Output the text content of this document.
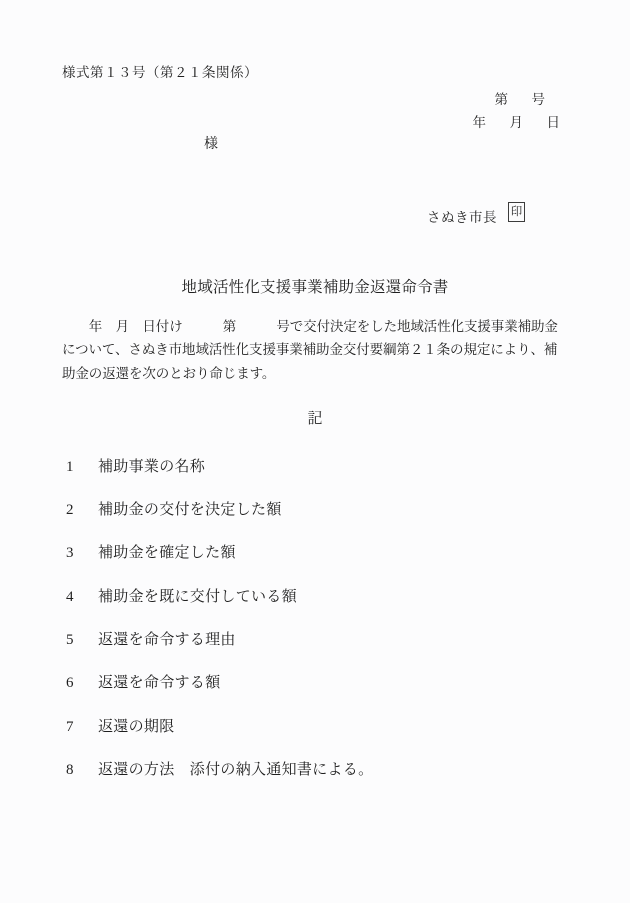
様式第１３号（第２１条関係）
第　号
年　月　日
様
さぬき市長 印
地域活性化支援事業補助金返還命令書
　　年　月　日付け　　　第　　　号で交付決定をした地域活性化支援事業補助金
について、さぬき市地域活性化支援事業補助金交付要綱第２１条の規定により、補
助金の返還を次のとおり命じます。
記
1 補助事業の名称
2 補助金の交付を決定した額
3 補助金を確定した額
4 補助金を既に交付している額
5 返還を命令する理由
6 返還を命令する額
7 返還の期限
8 返還の方法　添付の納入通知書による。
